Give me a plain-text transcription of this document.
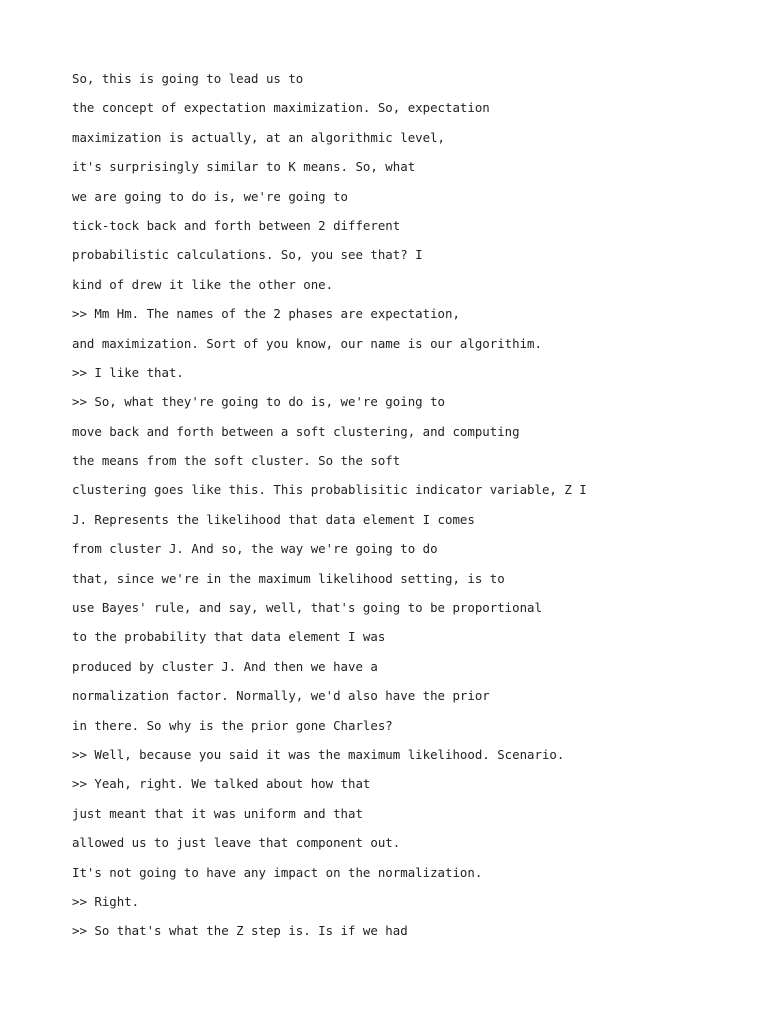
So, this is going to lead us to
the concept of expectation maximization. So, expectation
maximization is actually, at an algorithmic level,
it's surprisingly similar to K means. So, what
we are going to do is, we're going to
tick-tock back and forth between 2 different
probabilistic calculations. So, you see that? I
kind of drew it like the other one.
>> Mm Hm. The names of the 2 phases are expectation,
and maximization. Sort of you know, our name is our algorithim.
>> I like that.
>> So, what they're going to do is, we're going to
move back and forth between a soft clustering, and computing
the means from the soft cluster. So the soft
clustering goes like this. This probablisitic indicator variable, Z I
J. Represents the likelihood that data element I comes
from cluster J. And so, the way we're going to do
that, since we're in the maximum likelihood setting, is to
use Bayes' rule, and say, well, that's going to be proportional
to the probability that data element I was
produced by cluster J. And then we have a
normalization factor. Normally, we'd also have the prior
in there. So why is the prior gone Charles?
>> Well, because you said it was the maximum likelihood. Scenario.
>> Yeah, right. We talked about how that
just meant that it was uniform and that
allowed us to just leave that component out.
It's not going to have any impact on the normalization.
>> Right.
>> So that's what the Z step is. Is if we had
